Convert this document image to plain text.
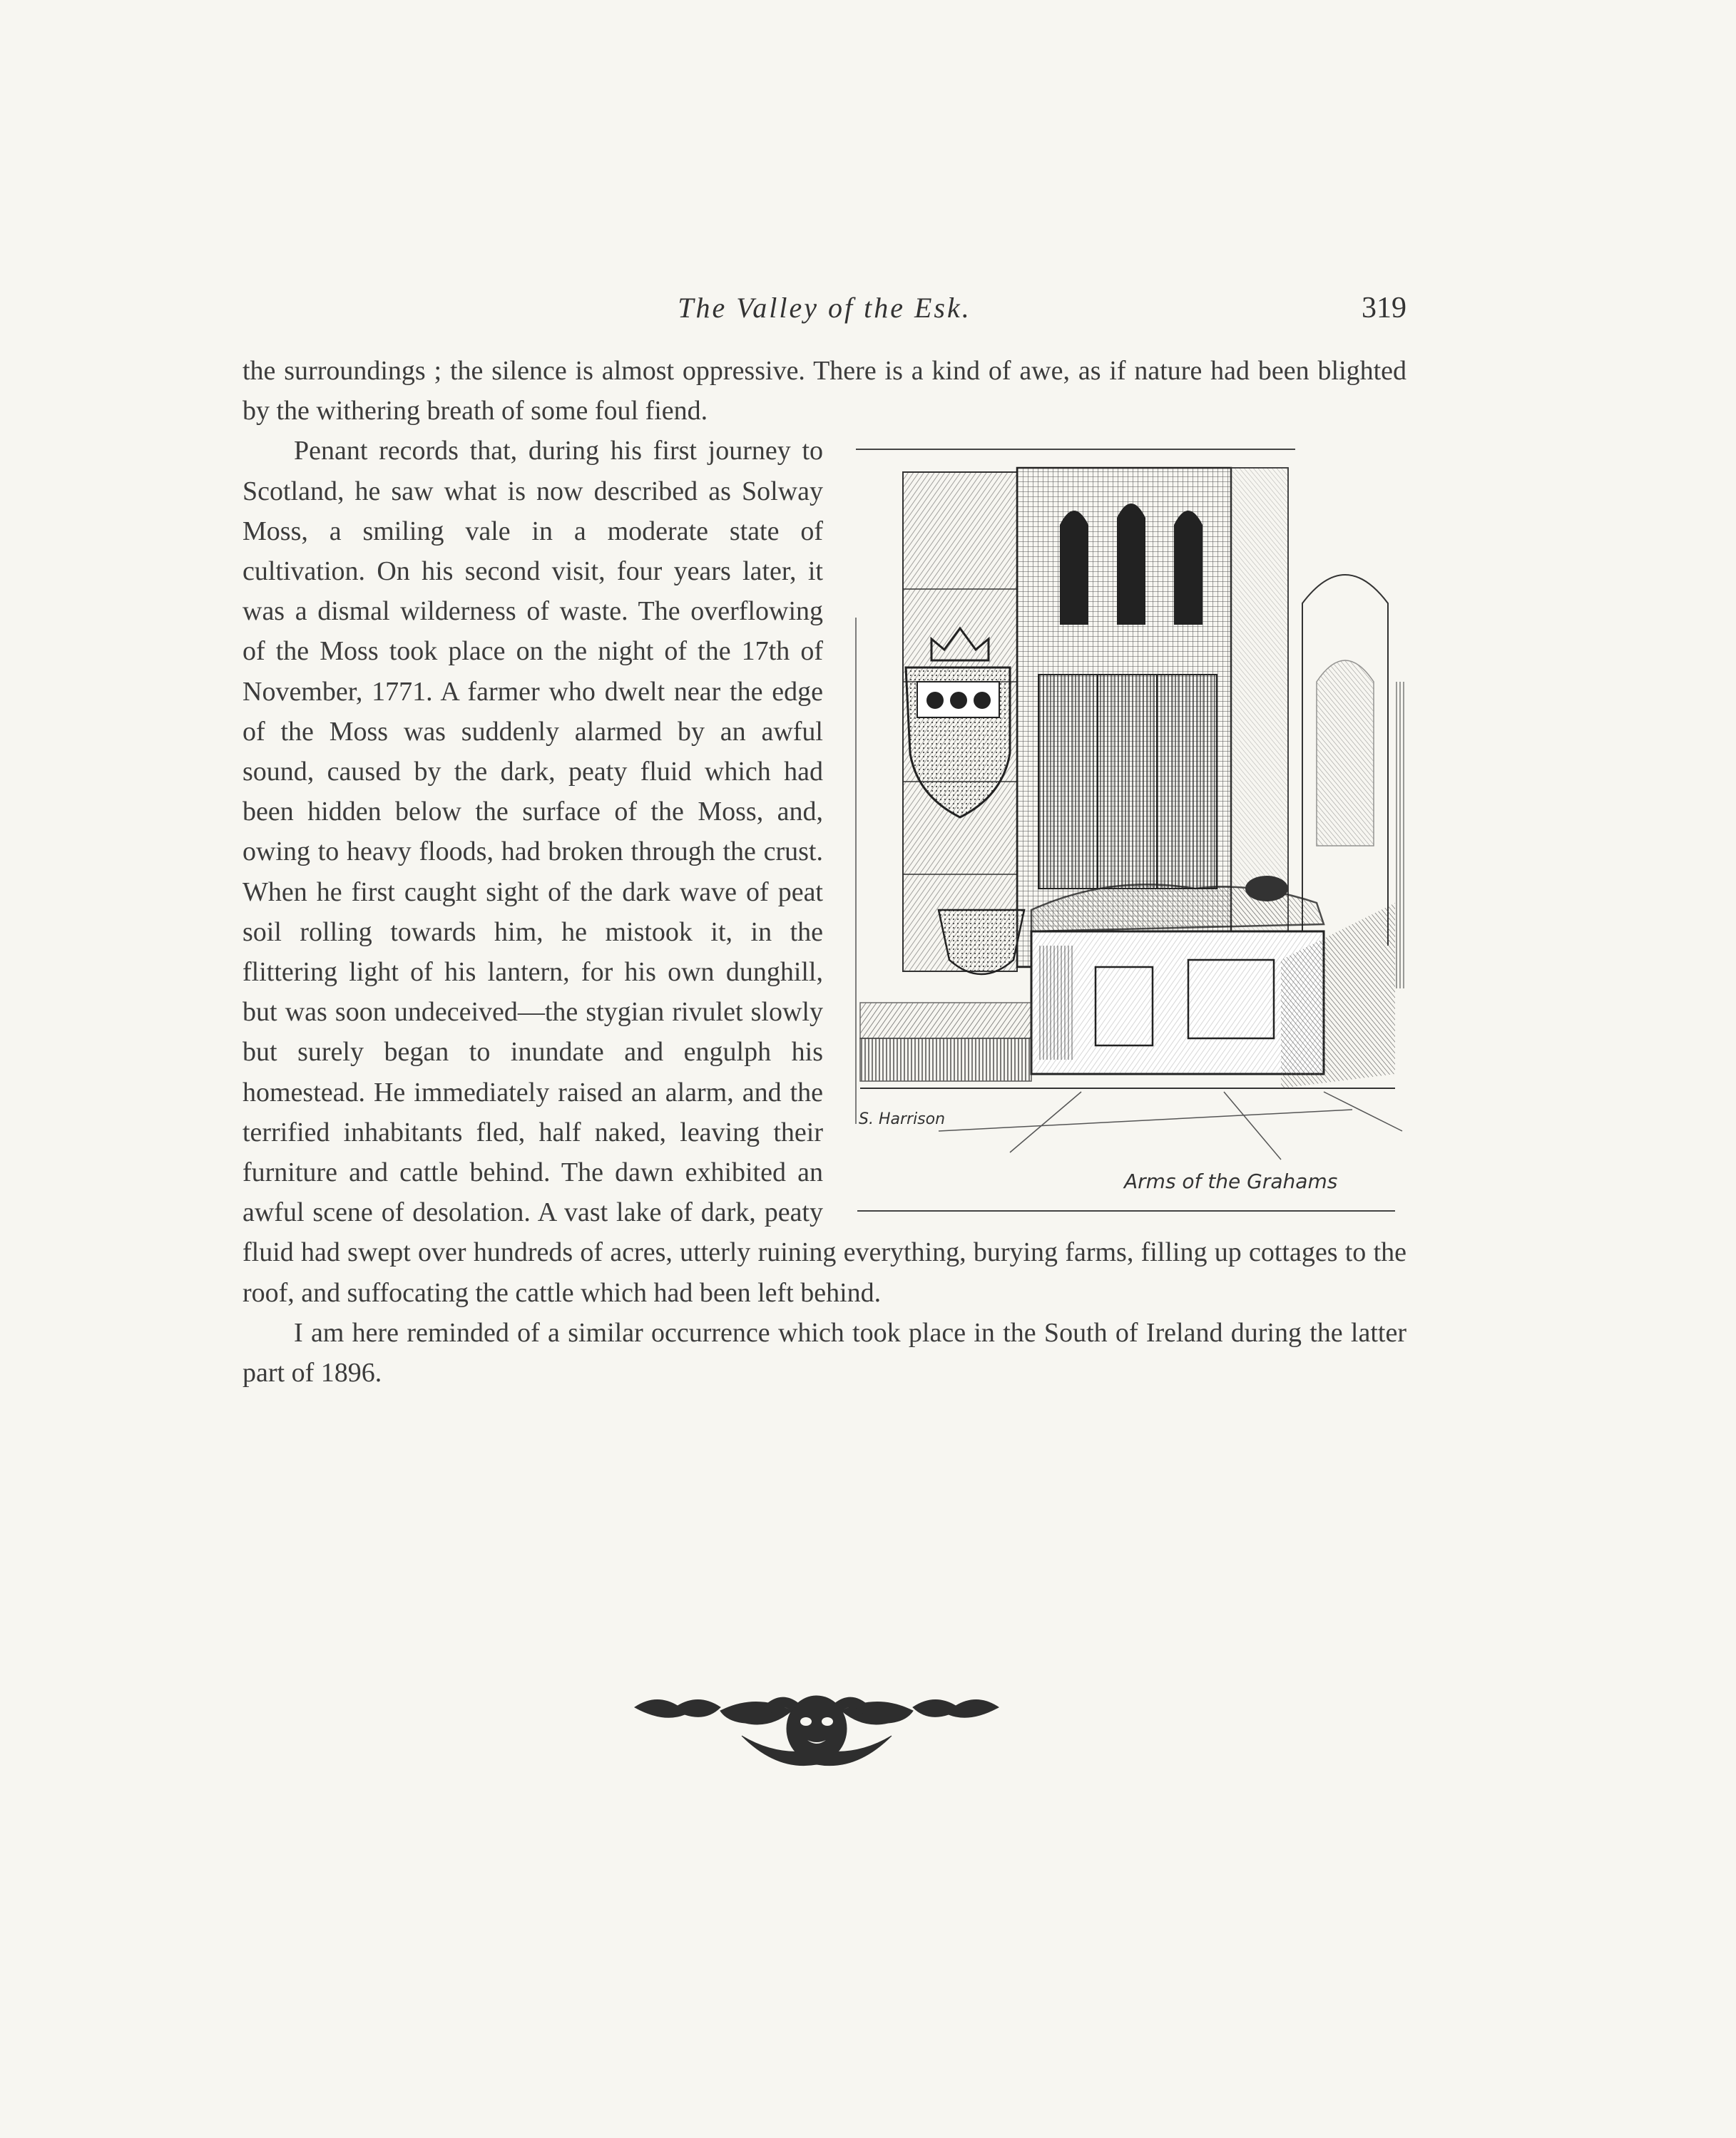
The Valley of the Esk.	319

the surroundings ; the silence is almost oppressive. There is a kind of awe, as if nature had been blighted by the withering breath of some foul fiend.

S. Harrison
Arms of the Grahams

Penant records that, during his first journey to Scotland, he saw what is now described as Solway Moss, a smiling vale in a moderate state of cultivation. On his second visit, four years later, it was a dismal wilderness of waste. The overflowing of the Moss took place on the night of the 17th of November, 1771. A farmer who dwelt near the edge of the Moss was suddenly alarmed by an awful sound, caused by the dark, peaty fluid which had been hidden below the surface of the Moss, and, owing to heavy floods, had broken through the crust. When he first caught sight of the dark wave of peat soil rolling towards him, he mistook it, in the flittering light of his lantern, for his own dunghill, but was soon undeceived—the stygian rivulet slowly but surely began to inundate and engulph his homestead. He immediately raised an alarm, and the terrified inhabitants fled, half naked, leaving their furniture and cattle behind. The dawn exhibited an awful scene of desolation. A vast lake of dark, peaty fluid had swept over hundreds of acres, utterly ruining everything, burying farms, filling up cottages to the roof, and suffocating the cattle which had been left behind.

I am here reminded of a similar occurrence which took place in the South of Ireland during the latter part of 1896.
